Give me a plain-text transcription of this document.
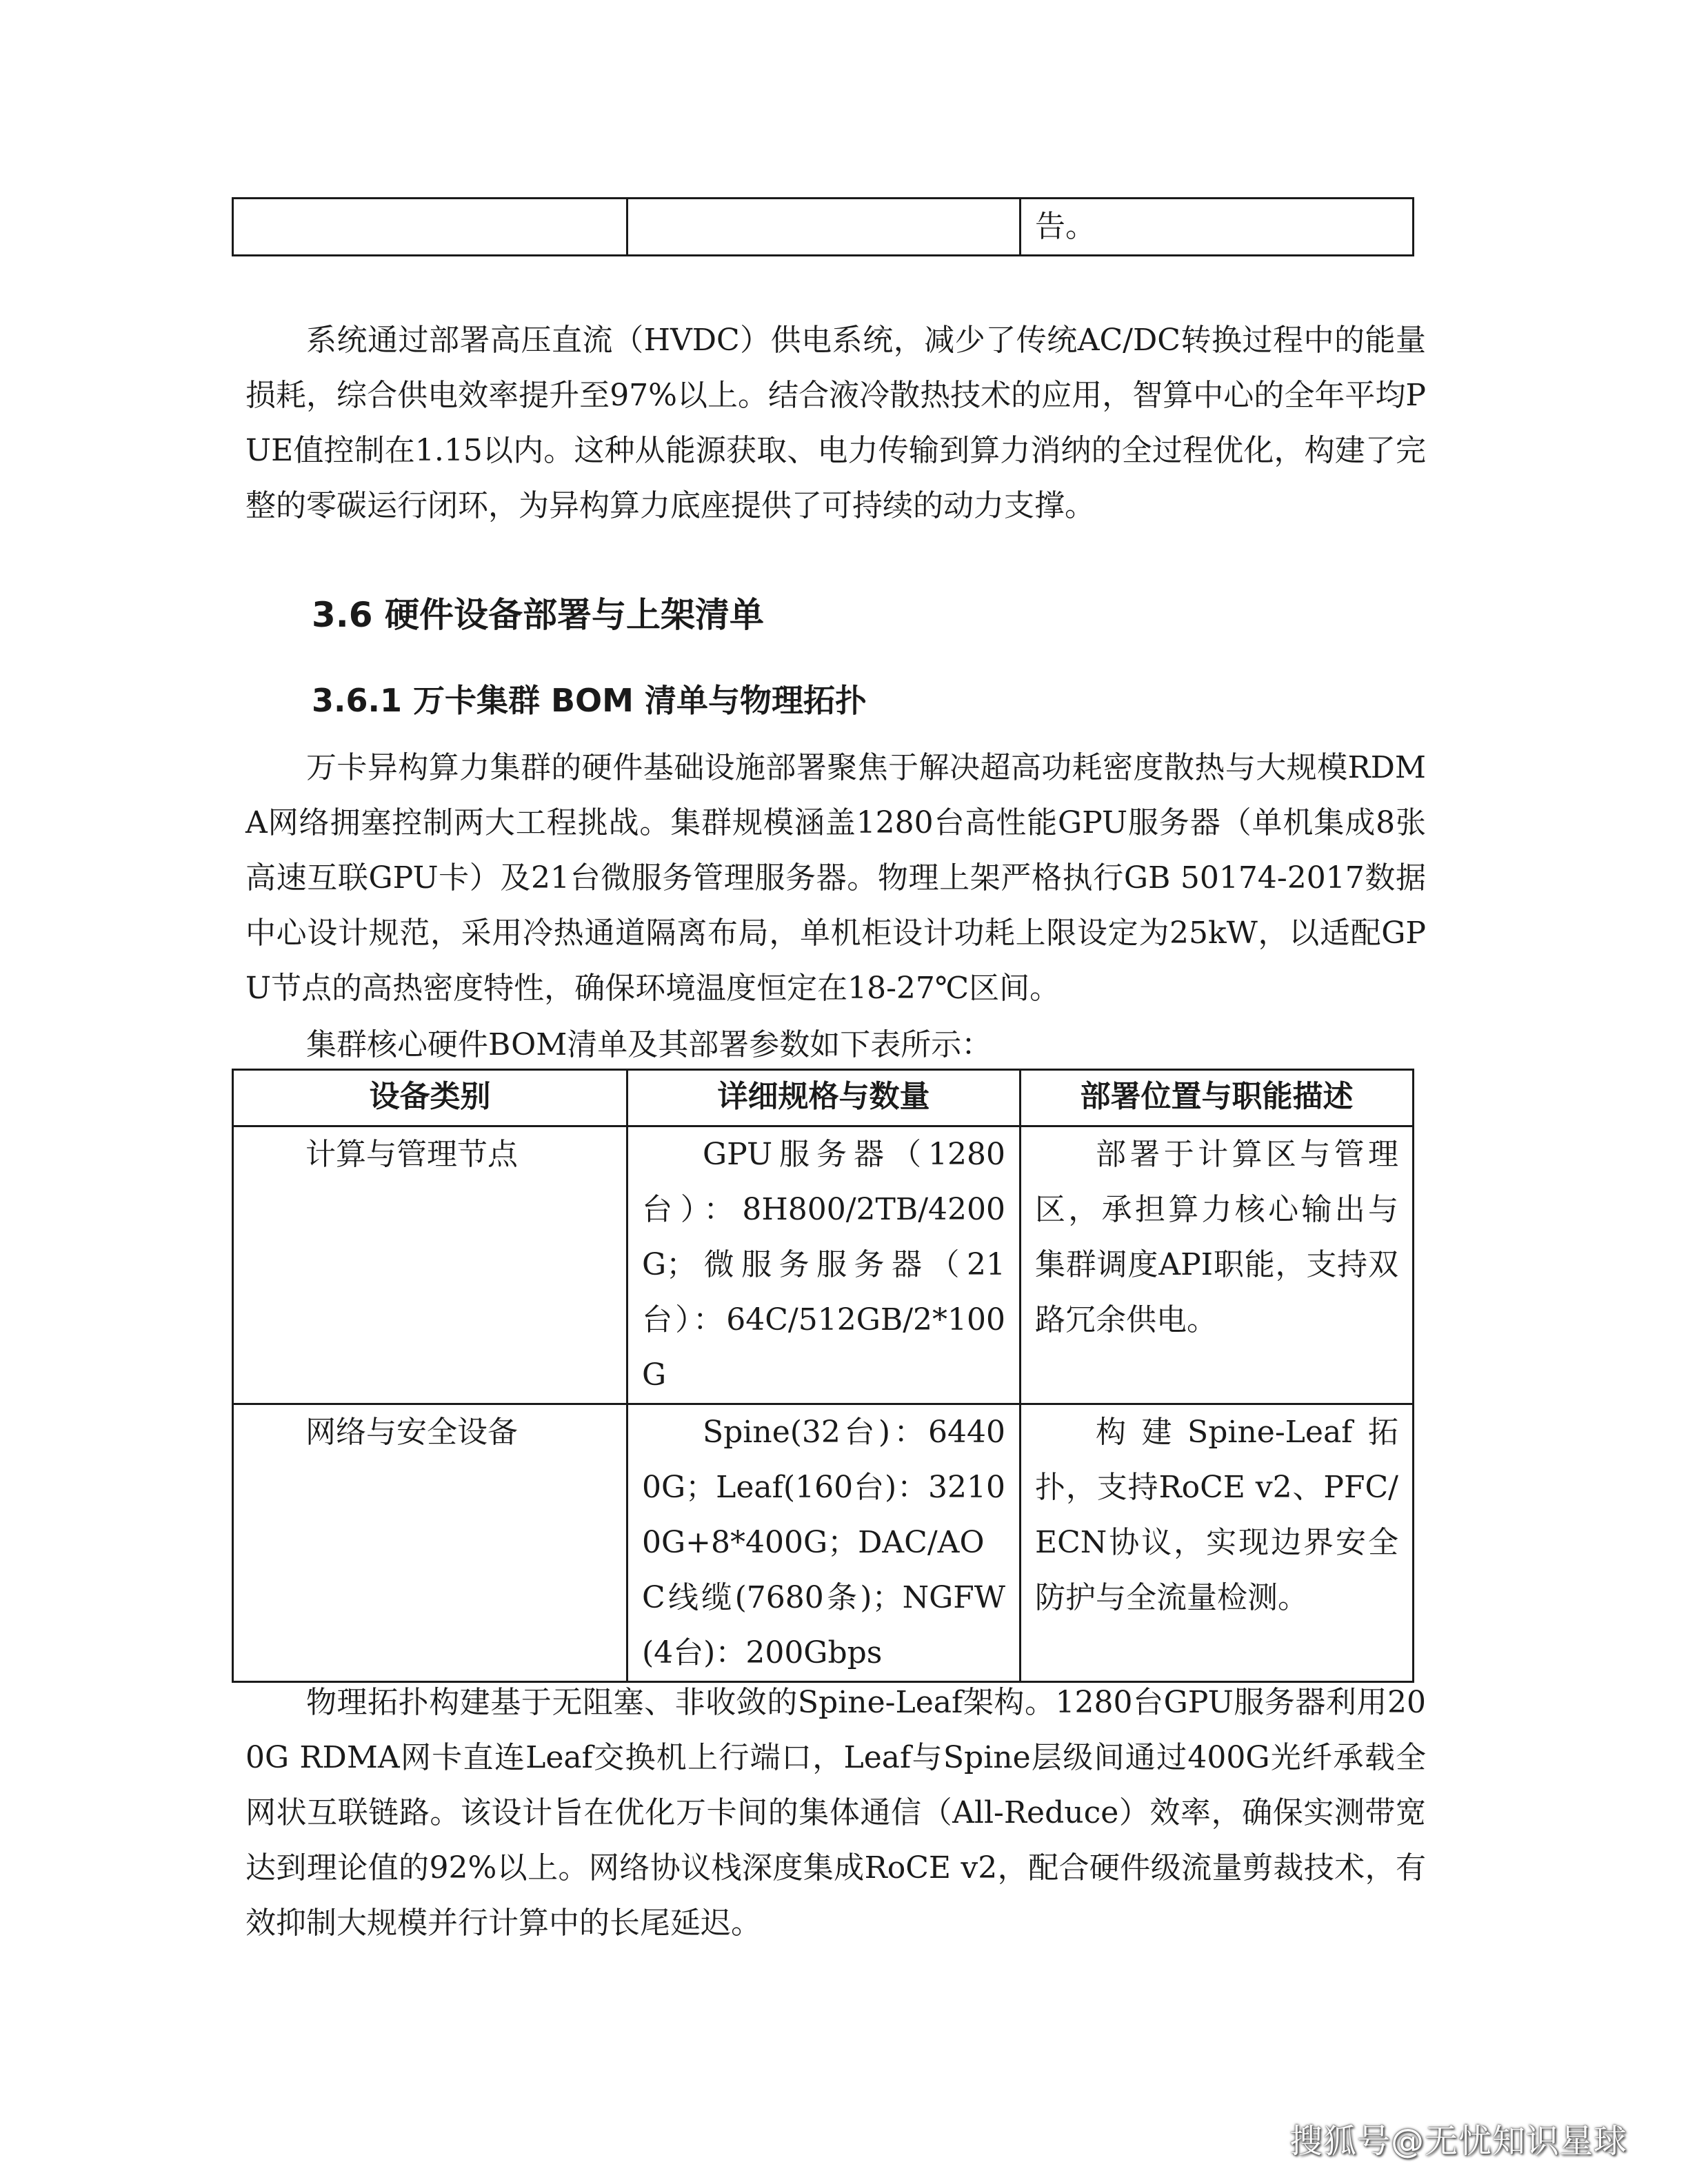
		告。

系统通过部署高压直流（HVDC）供电系统，减少了传统AC/DC转换过程中的能量损耗，综合供电效率提升至97%以上。结合液冷散热技术的应用，智算中心的全年平均PUE值控制在1.15以内。这种从能源获取、电力传输到算力消纳的全过程优化，构建了完整的零碳运行闭环，为异构算力底座提供了可持续的动力支撑。

3.6 硬件设备部署与上架清单
3.6.1 万卡集群 BOM 清单与物理拓扑

万卡异构算力集群的硬件基础设施部署聚焦于解决超高功耗密度散热与大规模RDMA网络拥塞控制两大工程挑战。集群规模涵盖1280台高性能GPU服务器（单机集成8张高速互联GPU卡）及21台微服务管理服务器。物理上架严格执行GB 50174-2017数据中心设计规范，采用冷热通道隔离布局，单机柜设计功耗上限设定为25kW，以适配GPU节点的高热密度特性，确保环境温度恒定在18-27℃区间。

集群核心硬件BOM清单及其部署参数如下表所示：

设备类别	详细规格与数量	部署位置与职能描述
计算与管理节点	GPU服务器（1280台）：8H800/2TB/4200G；微服务服务器（21台）：64C/512GB/2*100G	部署于计算区与管理区，承担算力核心输出与集群调度API职能，支持双路冗余供电。
网络与安全设备	Spine(32台)：64400G；Leaf(160台)：32100G+8*400G；DAC/AOC线缆(7680条)；NGFW(4台)：200Gbps	构建Spine-Leaf拓扑，支持RoCE v2、PFC/ECN协议，实现边界安全防护与全流量检测。

物理拓扑构建基于无阻塞、非收敛的Spine-Leaf架构。1280台GPU服务器利用200G RDMA网卡直连Leaf交换机上行端口，Leaf与Spine层级间通过400G光纤承载全网状互联链路。该设计旨在优化万卡间的集体通信（All-Reduce）效率，确保实测带宽达到理论值的92%以上。网络协议栈深度集成RoCE v2，配合硬件级流量剪裁技术，有效抑制大规模并行计算中的长尾延迟。

搜狐号@无忧知识星球
